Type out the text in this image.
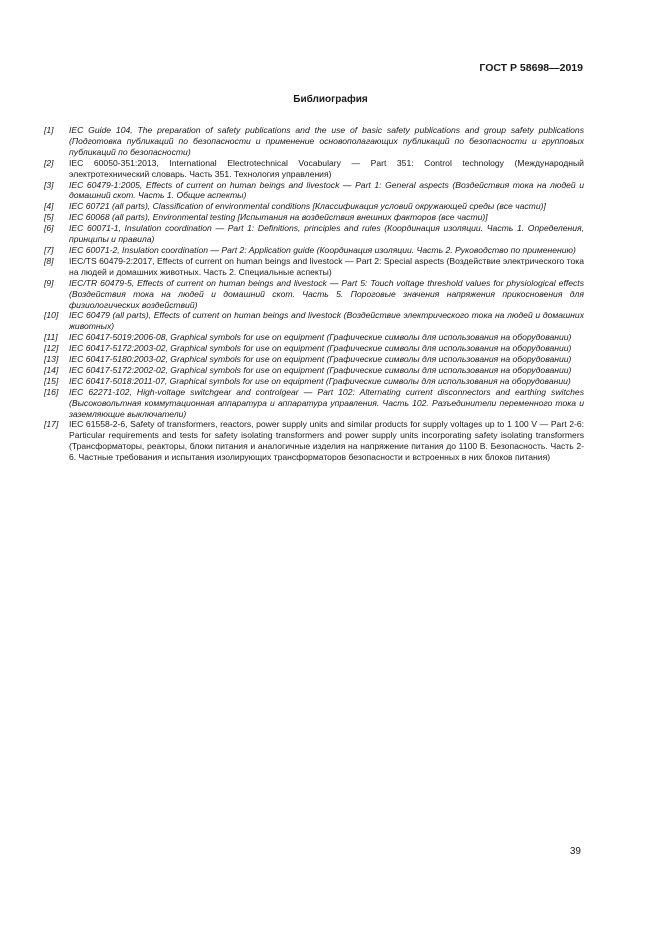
ГОСТ Р 58698—2019
Библиография
[1]	IEC Guide 104, The preparation of safety publications and the use of basic safety publications and group safety publications (Подготовка публикаций по безопасности и применение основополагающих публикаций по безопасности и групповых публикаций по безопасности)
[2]	IEC 60050-351:2013, International Electrotechnical Vocabulary — Part 351: Control technology (Международный электротехнический словарь. Часть 351. Технология управления)
[3]	IEC 60479-1:2005, Effects of current on human beings and livestock — Part 1: General aspects (Воздействия тока на людей и домашний скот. Часть 1. Общие аспекты)
[4]	IEC 60721 (all parts), Classification of environmental conditions [Классификация условий окружающей среды (все части)]
[5]	IEC 60068 (all parts), Environmental testing [Испытания на воздействия внешних факторов (все части)]
[6]	IEC 60071-1, Insulation coordination — Part 1: Definitions, principles and rules (Координация изоляции. Часть 1. Определения, принципы и правила)
[7]	IEC 60071-2, Insulation coordination — Part 2: Application guide (Координация изоляции. Часть 2. Руководство по применению)
[8]	IEC/TS 60479-2:2017, Effects of current on human beings and livestock — Part 2: Special aspects (Воздействие электрического тока на людей и домашних животных. Часть 2. Специальные аспекты)
[9]	IEC/TR 60479-5, Effects of current on human beings and livestock — Part 5: Touch voltage threshold values for physiological effects (Воздействия тока на людей и домашний скот. Часть 5. Пороговые значения напряжения прикосновения для физиологических воздействий)
[10]	IEC 60479 (all parts), Effects of current on human beings and livestock (Воздействие электрического тока на людей и домашних животных)
[11]	IEC 60417-5019:2006-08, Graphical symbols for use on equipment (Графические символы для использования на оборудовании)
[12]	IEC 60417-5172:2003-02, Graphical symbols for use on equipment (Графические символы для использования на оборудовании)
[13]	IEC 60417-5180:2003-02, Graphical symbols for use on equipment (Графические символы для использования на оборудовании)
[14]	IEC 60417-5172:2002-02, Graphical symbols for use on equipment (Графические символы для использования на оборудовании)
[15]	IEC 60417-5018:2011-07, Graphical symbols for use on equipment (Графические символы для использования на оборудовании)
[16]	IEC 62271-102, High-voltage switchgear and controlgear — Part 102: Alternating current disconnectors and earthing switches (Высоковольтная коммутационная аппаратура и аппаратура управления. Часть 102. Разъединители переменного тока и заземляющие выключатели)
[17]	IEC 61558-2-6, Safety of transformers, reactors, power supply units and similar products for supply voltages up to 1 100 V — Part 2-6: Particular requirements and tests for safety isolating transformers and power supply units incorporating safety isolating transformers (Трансформаторы, реакторы, блоки питания и аналогичные изделия на напряжение питания до 1100 В. Безопасность. Часть 2-6. Частные требования и испытания изолирующих трансформаторов безопасности и встроенных в них блоков питания)
39
